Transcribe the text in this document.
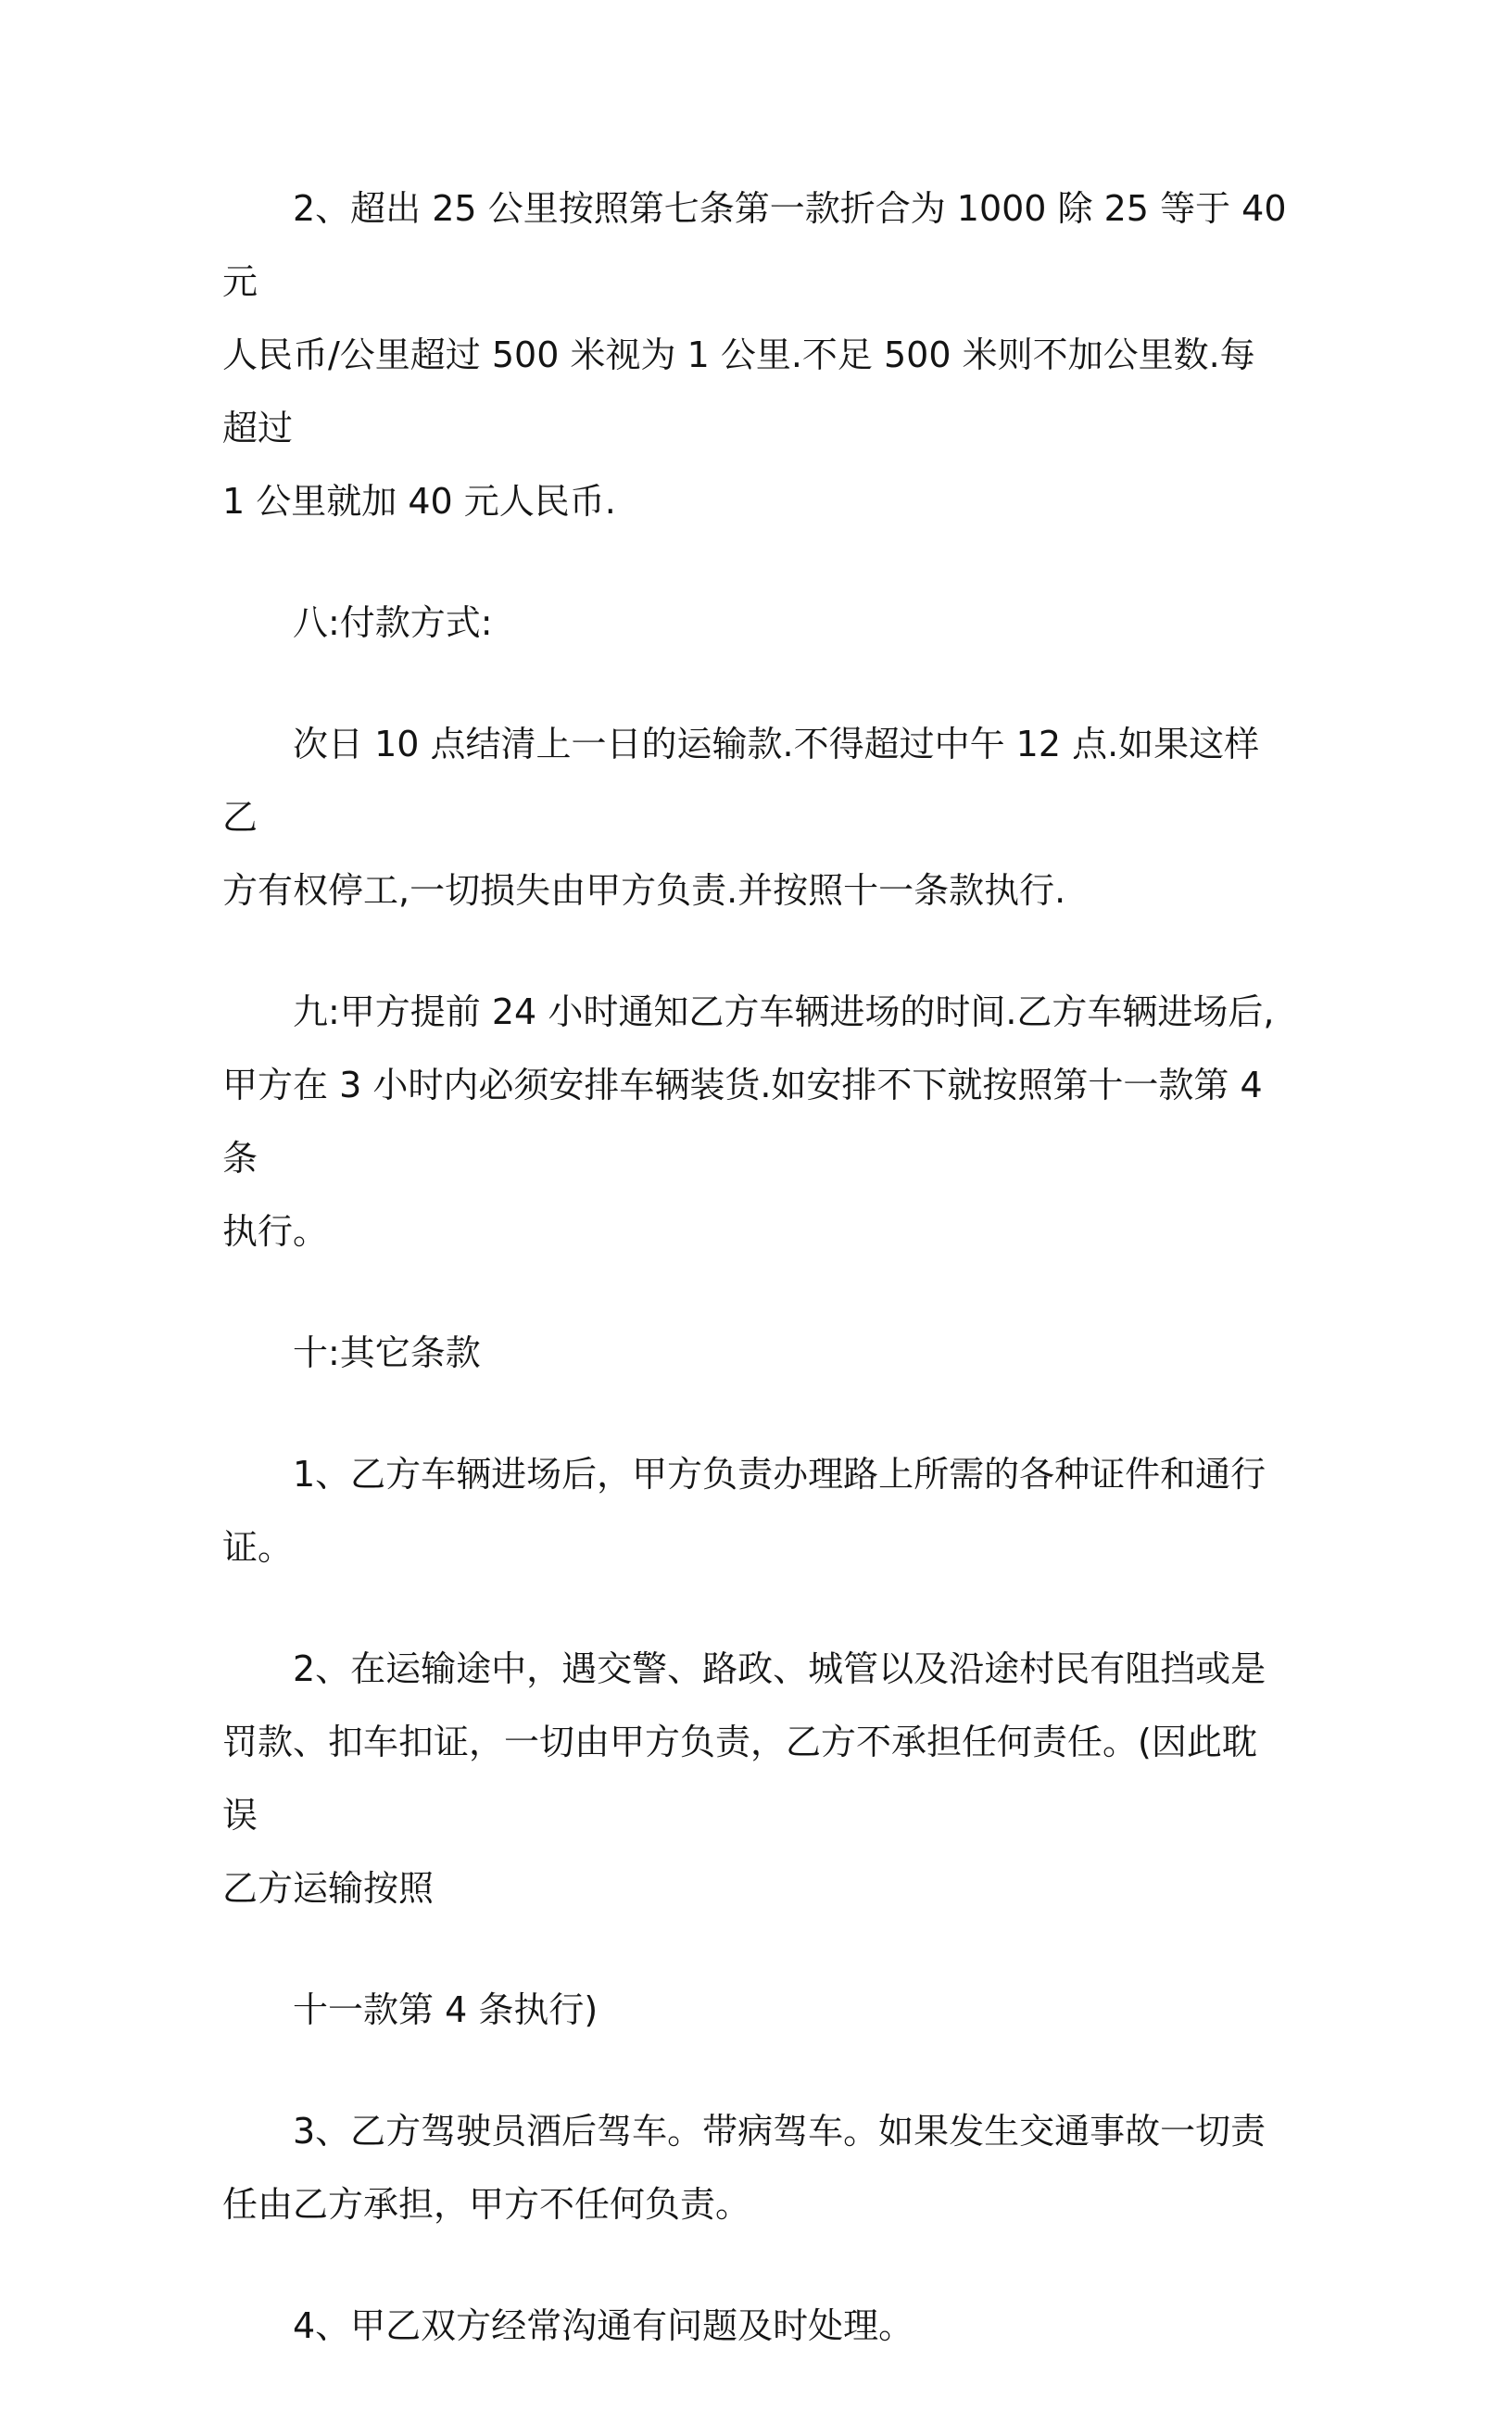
2、超出 25 公里按照第七条第一款折合为 1000 除 25 等于 40 元
人民币/公里超过 500 米视为 1 公里.不足 500 米则不加公里数.每超过
1 公里就加 40 元人民币.

八:付款方式:

次日 10 点结清上一日的运输款.不得超过中午 12 点.如果这样乙
方有权停工,一切损失由甲方负责.并按照十一条款执行.

九:甲方提前 24 小时通知乙方车辆进场的时间.乙方车辆进场后,
甲方在 3 小时内必须安排车辆装货.如安排不下就按照第十一款第 4 条
执行。

十:其它条款

1、乙方车辆进场后，甲方负责办理路上所需的各种证件和通行
证。

2、在运输途中，遇交警、路政、城管以及沿途村民有阻挡或是
罚款、扣车扣证，一切由甲方负责，乙方不承担任何责任。(因此耽误
乙方运输按照

十一款第 4 条执行)

3、乙方驾驶员酒后驾车。带病驾车。如果发生交通事故一切责
任由乙方承担，甲方不任何负责。

4、甲乙双方经常沟通有问题及时处理。
